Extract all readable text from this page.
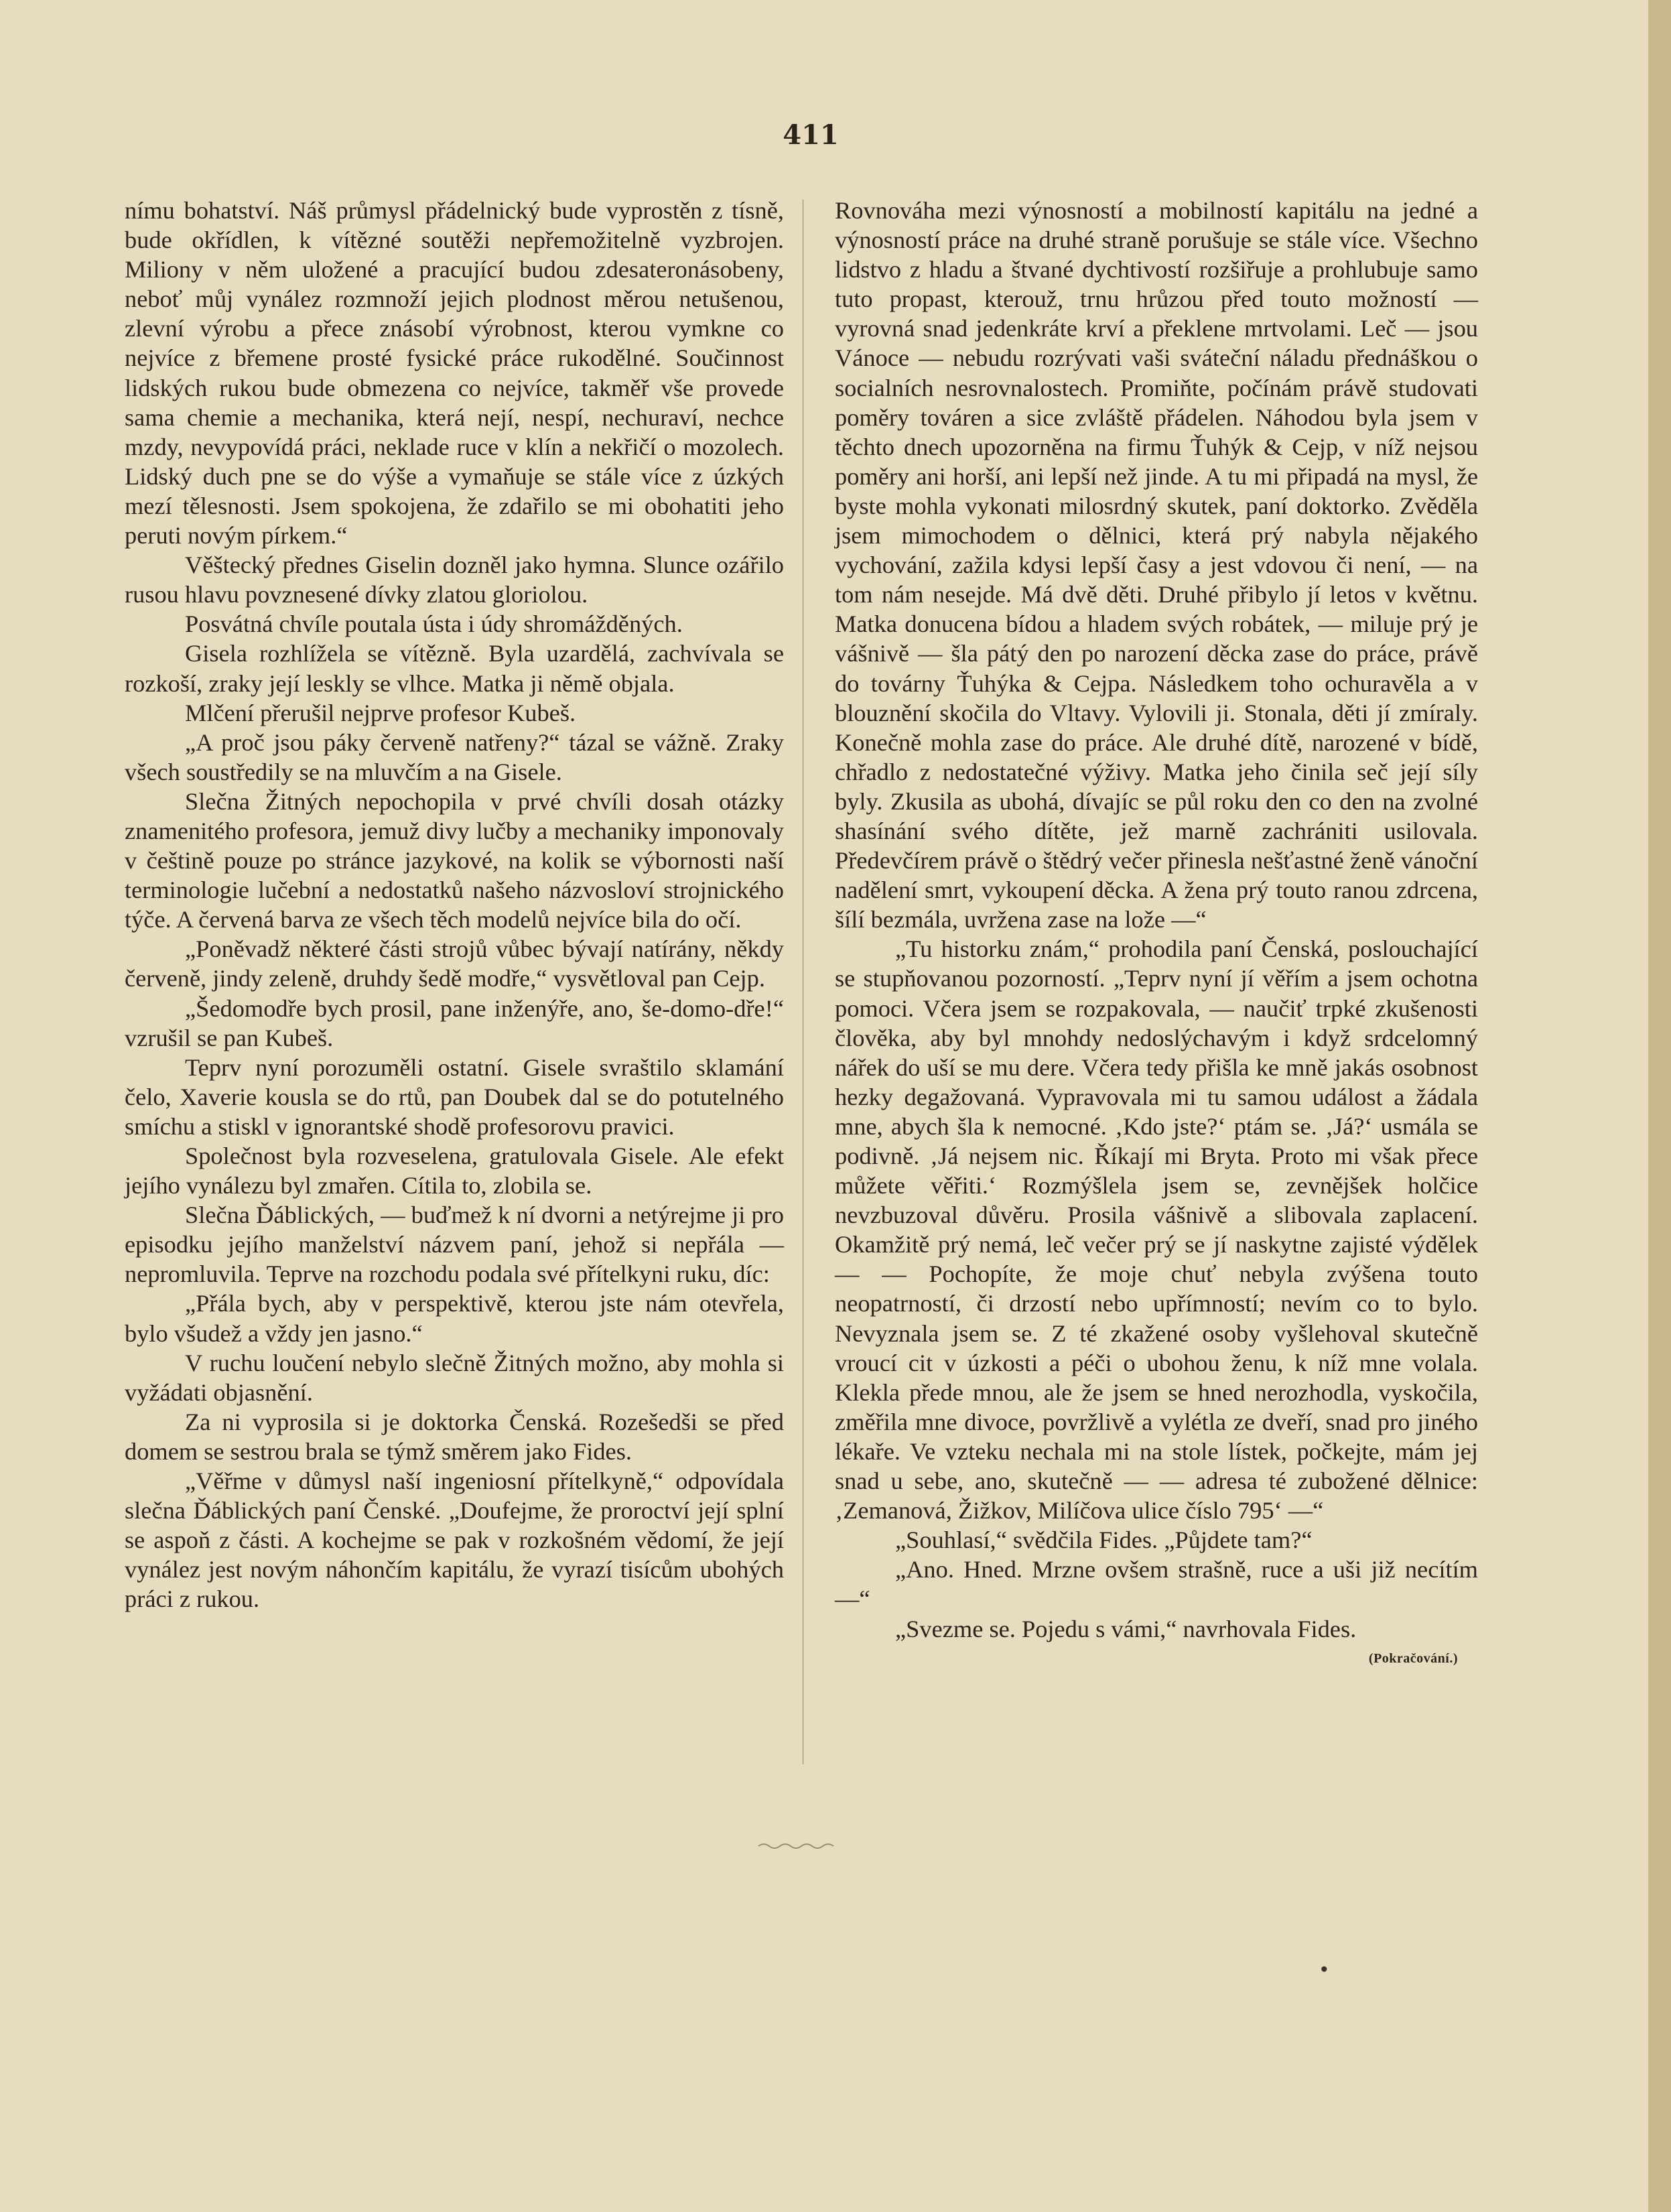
411

nímu bohatství. Náš průmysl přádelnický bude vyprostěn z tísně, bude okřídlen, k vítězné soutěži nepřemožitelně vyzbrojen. Miliony v něm uložené a pracující budou zdesateronásobeny, neboť můj vynález rozmnoží jejich plodnost měrou netušenou, zlevní výrobu a přece znásobí výrobnost, kterou vymkne co nejvíce z břemene prosté fysické práce rukodělné. Součinnost lidských rukou bude obmezena co nejvíce, takměř vše provede sama chemie a mechanika, která nejí, nespí, nechuraví, nechce mzdy, nevypovídá práci, neklade ruce v klín a nekřičí o mozolech. Lidský duch pne se do výše a vymaňuje se stále více z úzkých mezí tělesnosti. Jsem spokojena, že zdařilo se mi obohatiti jeho peruti novým pírkem.“

Věštecký přednes Giselin dozněl jako hymna. Slunce ozářilo rusou hlavu povznesené dívky zlatou gloriolou.

Posvátná chvíle poutala ústa i údy shromážděných.

Gisela rozhlížela se vítězně. Byla uzardělá, zachvívala se rozkoší, zraky její leskly se vlhce. Matka ji němě objala.

Mlčení přerušil nejprve profesor Kubeš.

„A proč jsou páky červeně natřeny?“ tázal se vážně. Zraky všech soustředily se na mluvčím a na Gisele.

Slečna Žitných nepochopila v prvé chvíli dosah otázky znamenitého profesora, jemuž divy lučby a mechaniky imponovaly v češtině pouze po stránce jazykové, na kolik se výbornosti naší terminologie lučební a nedostatků našeho názvosloví strojnického týče. A červená barva ze všech těch modelů nejvíce bila do očí.

„Poněvadž některé části strojů vůbec bývají natírány, někdy červeně, jindy zeleně, druhdy šedě modře,“ vysvětloval pan Cejp.

„Šedomodře bych prosil, pane inženýře, ano, še-domo-dře!“ vzrušil se pan Kubeš.

Teprv nyní porozuměli ostatní. Gisele svraštilo sklamání čelo, Xaverie kousla se do rtů, pan Doubek dal se do potutelného smíchu a stiskl v ignorantské shodě profesorovu pravici.

Společnost byla rozveselena, gratulovala Gisele. Ale efekt jejího vynálezu byl zmařen. Cítila to, zlobila se.

Slečna Ďáblických, — buďmež k ní dvorni a netýrejme ji pro episodku jejího manželství názvem paní, jehož si nepřála — nepromluvila. Teprve na rozchodu podala své přítelkyni ruku, díc:

„Přála bych, aby v perspektivě, kterou jste nám otevřela, bylo všudež a vždy jen jasno.“

V ruchu loučení nebylo slečně Žitných možno, aby mohla si vyžádati objasnění.

Za ni vyprosila si je doktorka Čenská. Rozešedši se před domem se sestrou brala se týmž směrem jako Fides.

„Věřme v důmysl naší ingeniosní přítelkyně,“ odpovídala slečna Ďáblických paní Čenské. „Doufejme, že proroctví její splní se aspoň z části. A kochejme se pak v rozkošném vědomí, že její vynález jest novým náhončím kapitálu, že vyrazí tisícům ubohých práci z rukou.

Rovnováha mezi výnosností a mobilností kapitálu na jedné a výnosností práce na druhé straně porušuje se stále více. Všechno lidstvo z hladu a štvané dychtivostí rozšiřuje a prohlubuje samo tuto propast, kterouž, trnu hrůzou před touto možností — vyrovná snad jedenkráte krví a překlene mrtvolami. Leč — jsou Vánoce — nebudu rozrývati vaši sváteční náladu přednáškou o socialních nesrovnalostech. Promiňte, počínám právě studovati poměry továren a sice zvláště přádelen. Náhodou byla jsem v těchto dnech upozorněna na firmu Ťuhýk & Cejp, v níž nejsou poměry ani horší, ani lepší než jinde. A tu mi připadá na mysl, že byste mohla vykonati milosrdný skutek, paní doktorko. Zvěděla jsem mimochodem o dělnici, která prý nabyla nějakého vychování, zažila kdysi lepší časy a jest vdovou či není, — na tom nám nesejde. Má dvě děti. Druhé přibylo jí letos v květnu. Matka donucena bídou a hladem svých robátek, — miluje prý je vášnivě — šla pátý den po narození děcka zase do práce, právě do továrny Ťuhýka & Cejpa. Následkem toho ochuravěla a v blouznění skočila do Vltavy. Vylovili ji. Stonala, děti jí zmíraly. Konečně mohla zase do práce. Ale druhé dítě, narozené v bídě, chřadlo z nedostatečné výživy. Matka jeho činila seč její síly byly. Zkusila as ubohá, dívajíc se půl roku den co den na zvolné shasínání svého dítěte, jež marně zachrániti usilovala. Předevčírem právě o štědrý večer přinesla nešťastné ženě vánoční nadělení smrt, vykoupení děcka. A žena prý touto ranou zdrcena, šílí bezmála, uvržena zase na lože —“

„Tu historku znám,“ prohodila paní Čenská, poslouchající se stupňovanou pozorností. „Teprv nyní jí věřím a jsem ochotna pomoci. Včera jsem se rozpakovala, — naučiť trpké zkušenosti člověka, aby byl mnohdy nedoslýchavým i když srdcelomný nářek do uší se mu dere. Včera tedy přišla ke mně jakás osobnost hezky degažovaná. Vypravovala mi tu samou událost a žádala mne, abych šla k nemocné. ‚Kdo jste?‘ ptám se. ‚Já?‘ usmála se podivně. ‚Já nejsem nic. Říkají mi Bryta. Proto mi však přece můžete věřiti.‘ Rozmýšlela jsem se, zevnějšek holčice nevzbuzoval důvěru. Prosila vášnivě a slibovala zaplacení. Okamžitě prý nemá, leč večer prý se jí naskytne zajisté výdělek — — Pochopíte, že moje chuť nebyla zvýšena touto neopatrností, či drzostí nebo upřímností; nevím co to bylo. Nevyznala jsem se. Z té zkažené osoby vyšlehoval skutečně vroucí cit v úzkosti a péči o ubohou ženu, k níž mne volala. Klekla přede mnou, ale že jsem se hned nerozhodla, vyskočila, změřila mne divoce, povržlivě a vylétla ze dveří, snad pro jiného lékaře. Ve vzteku nechala mi na stole lístek, počkejte, mám jej snad u sebe, ano, skutečně — — adresa té zubožené dělnice: ‚Zemanová, Žižkov, Milíčova ulice číslo 795‘ —“

„Souhlasí,“ svědčila Fides. „Půjdete tam?“

„Ano. Hned. Mrzne ovšem strašně, ruce a uši již necítím —“

„Svezme se. Pojedu s vámi,“ navrhovala Fides.

(Pokračování.)
•
